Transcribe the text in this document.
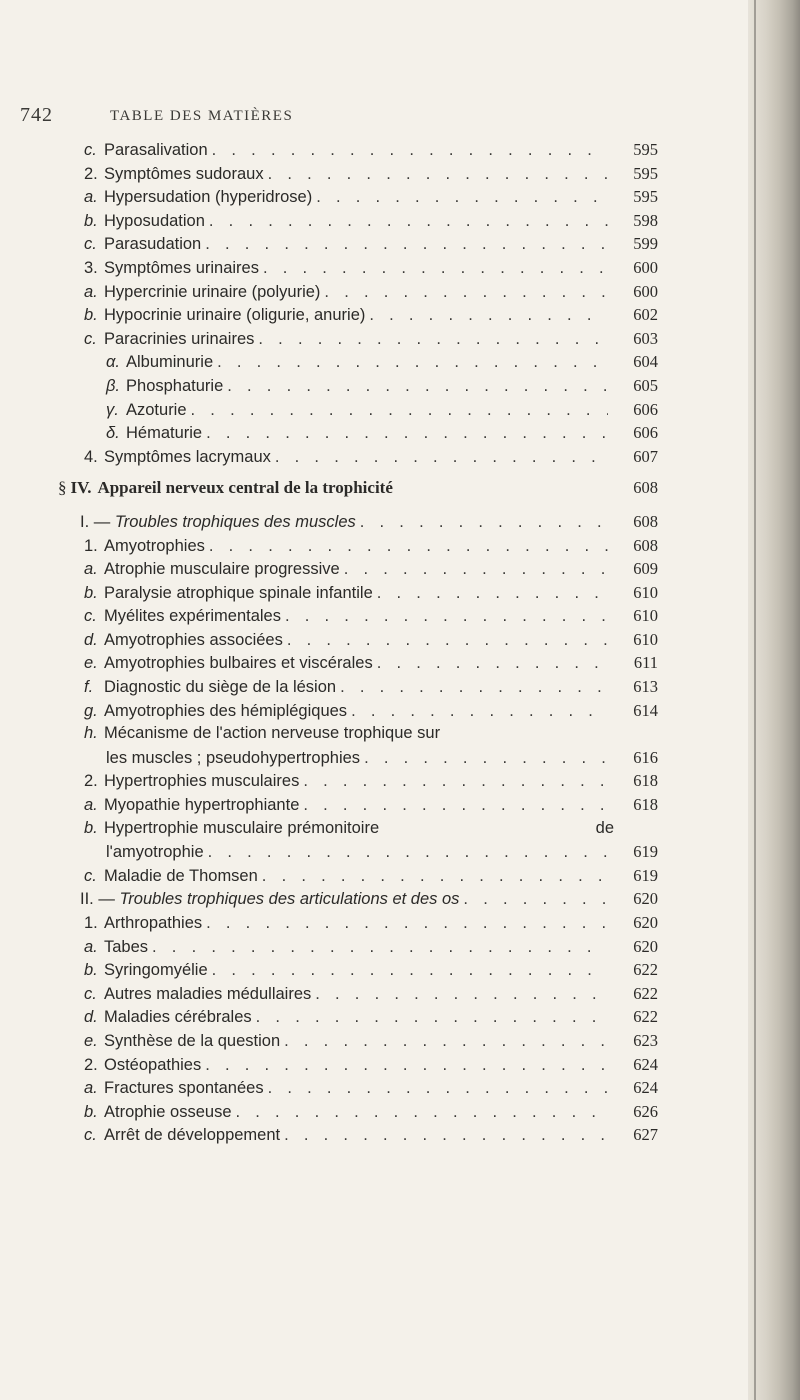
742	TABLE DES MATIÈRES
c. Parasalivation . . .	595
2. Symptômes sudoraux . . .	595
a. Hypersudation (hyperidrose) . . .	595
b. Hyposudation . . .	598
c. Parasudation . . .	599
3. Symptômes urinaires . . .	600
a. Hypercrinie urinaire (polyurie) . . .	600
b. Hypocrinie urinaire (oligurie, anurie) . . .	602
c. Paracrinies urinaires . . .	603
α. Albuminurie . . .	604
β. Phosphaturie . . .	605
γ. Azoturie . . .	606
δ. Hématurie . . .	606
4. Symptômes lacrymaux . . .	607
§ IV. Appareil nerveux central de la trophicité	608
I. — Troubles trophiques des muscles . . .	608
1. Amyotrophies . . .	608
a. Atrophie musculaire progressive . . .	609
b. Paralysie atrophique spinale infantile . . .	610
c. Myélites expérimentales . . .	610
d. Amyotrophies associées . . .	610
e. Amyotrophies bulbaires et viscérales . . .	611
f. Diagnostic du siège de la lésion . . .	613
g. Amyotrophies des hémiplégiques . . .	614
h. Mécanisme de l'action nerveuse trophique sur
les muscles ; pseudohypertrophies . . .	616
2. Hypertrophies musculaires . . .	618
a. Myopathie hypertrophiante . . .	618
b. Hypertrophie musculaire prémonitoire	de
l'amyotrophie . . .	619
c. Maladie de Thomsen . . .	619
II. — Troubles trophiques des articulations et des os . . .	620
1. Arthropathies . . .	620
a. Tabes . . .	620
b. Syringomyélie . . .	622
c. Autres maladies médullaires . . .	622
d. Maladies cérébrales . . .	622
e. Synthèse de la question . . .	623
2. Ostéopathies . . .	624
a. Fractures spontanées . . .	624
b. Atrophie osseuse . . .	626
c. Arrêt de développement . . .	627
